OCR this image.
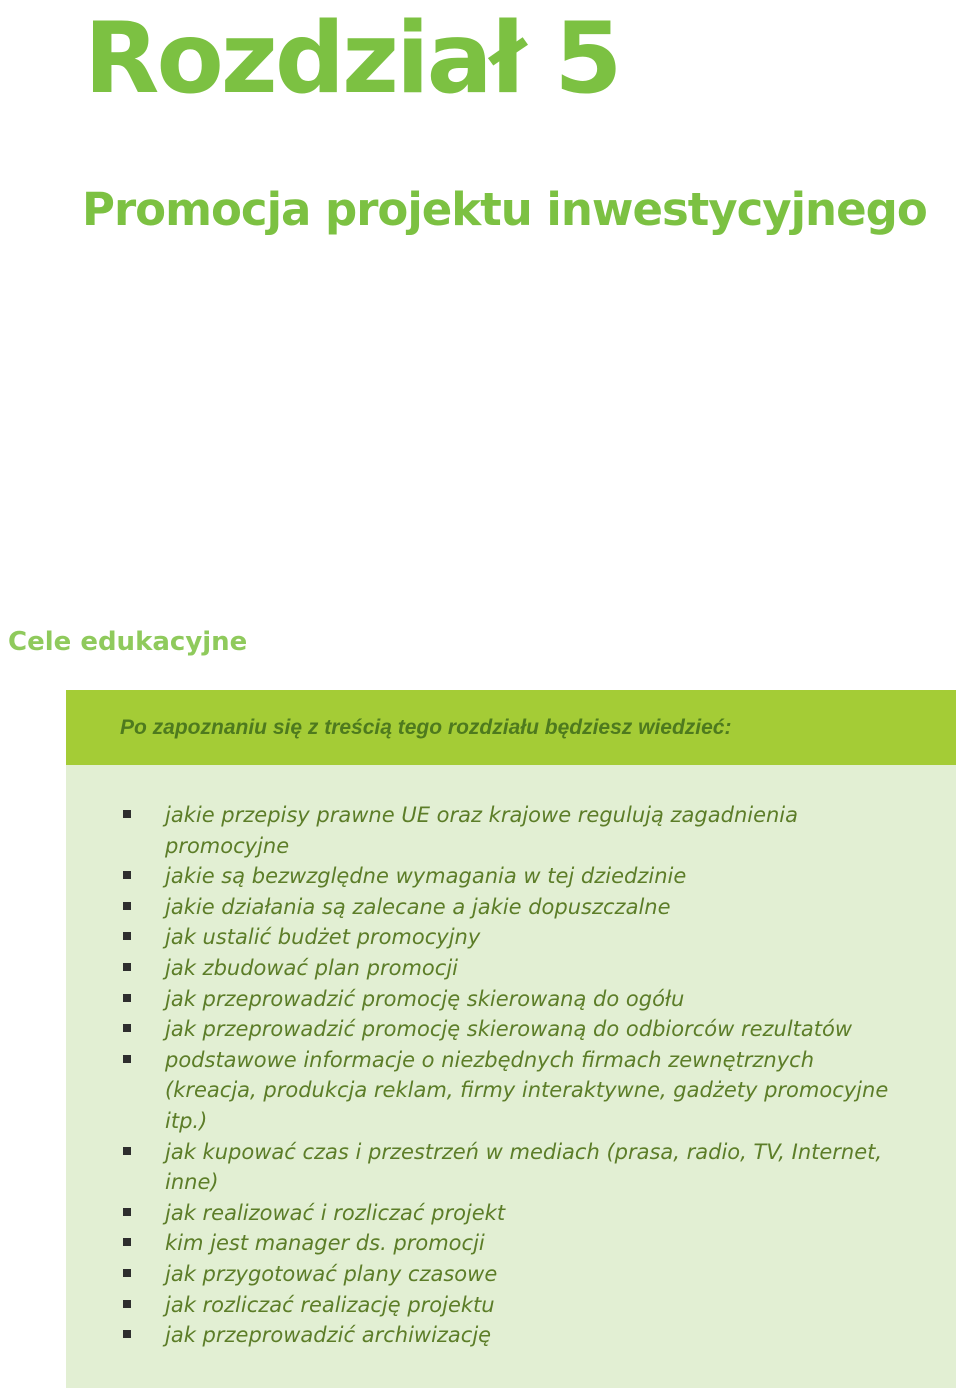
Rozdział 5
Promocja projektu inwestycyjnego
Cele edukacyjne
Po zapoznaniu się z treścią tego rozdziału będziesz wiedzieć:
jakie przepisy prawne UE oraz krajowe regulują zagadnienia promocyjne
jakie są bezwzględne wymagania w tej dziedzinie
jakie działania są zalecane a jakie dopuszczalne
jak ustalić budżet promocyjny
jak zbudować plan promocji
jak przeprowadzić promocję skierowaną do ogółu
jak przeprowadzić promocję skierowaną do odbiorców rezultatów
podstawowe informacje o niezbędnych firmach zewnętrznych (kreacja, produkcja reklam, firmy interaktywne, gadżety promocyjne itp.)
jak kupować czas i przestrzeń w mediach (prasa, radio, TV, Internet, inne)
jak realizować i rozliczać projekt
kim jest manager ds. promocji
jak przygotować plany czasowe
jak rozliczać realizację projektu
jak przeprowadzić archiwizację
